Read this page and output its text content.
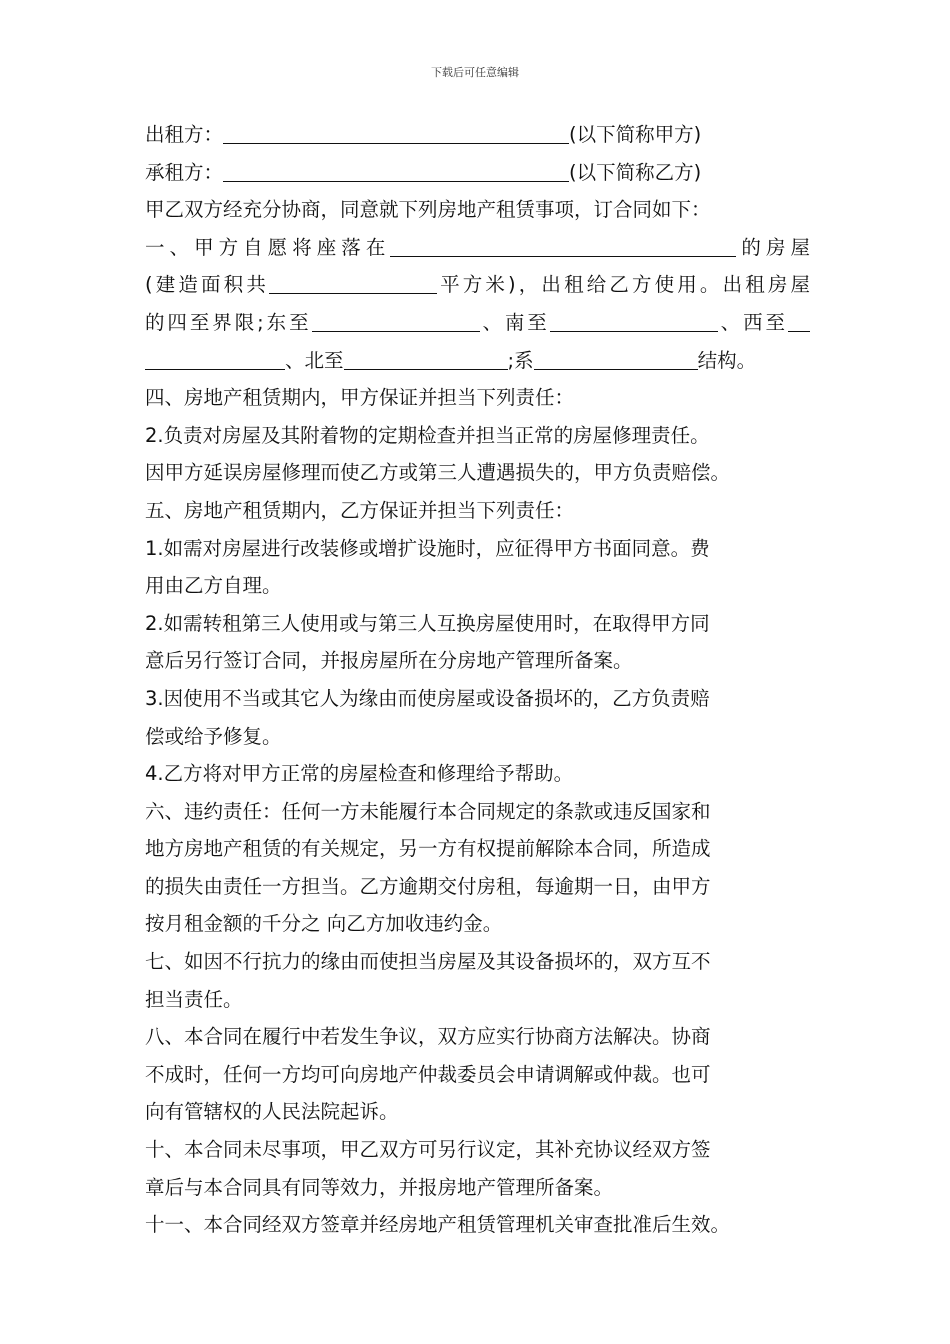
下载后可任意编辑
出租方：	(以下简称甲方)
承租方：	(以下简称乙方)
甲乙双方经充分协商，同意就下列房地产租赁事项，订合同如下：
一、甲方自愿将座落在	的房屋
(建造面积共	平方米)，出租给乙方使用。出租房屋
的四至界限;东至	、南至	、西至
、北至	;系	结构。
四、房地产租赁期内，甲方保证并担当下列责任：
2.负责对房屋及其附着物的定期检查并担当正常的房屋修理责任。
因甲方延误房屋修理而使乙方或第三人遭遇损失的，甲方负责赔偿。
五、房地产租赁期内，乙方保证并担当下列责任：
1.如需对房屋进行改装修或增扩设施时，应征得甲方书面同意。费
用由乙方自理。
2.如需转租第三人使用或与第三人互换房屋使用时，在取得甲方同
意后另行签订合同，并报房屋所在分房地产管理所备案。
3.因使用不当或其它人为缘由而使房屋或设备损坏的，乙方负责赔
偿或给予修复。
4.乙方将对甲方正常的房屋检查和修理给予帮助。
六、违约责任：任何一方未能履行本合同规定的条款或违反国家和
地方房地产租赁的有关规定，另一方有权提前解除本合同，所造成
的损失由责任一方担当。乙方逾期交付房租，每逾期一日，由甲方
按月租金额的千分之 向乙方加收违约金。
七、如因不行抗力的缘由而使担当房屋及其设备损坏的，双方互不
担当责任。
八、本合同在履行中若发生争议，双方应实行协商方法解决。协商
不成时，任何一方均可向房地产仲裁委员会申请调解或仲裁。也可
向有管辖权的人民法院起诉。
十、本合同未尽事项，甲乙双方可另行议定，其补充协议经双方签
章后与本合同具有同等效力，并报房地产管理所备案。
十一、本合同经双方签章并经房地产租赁管理机关审查批准后生效。
